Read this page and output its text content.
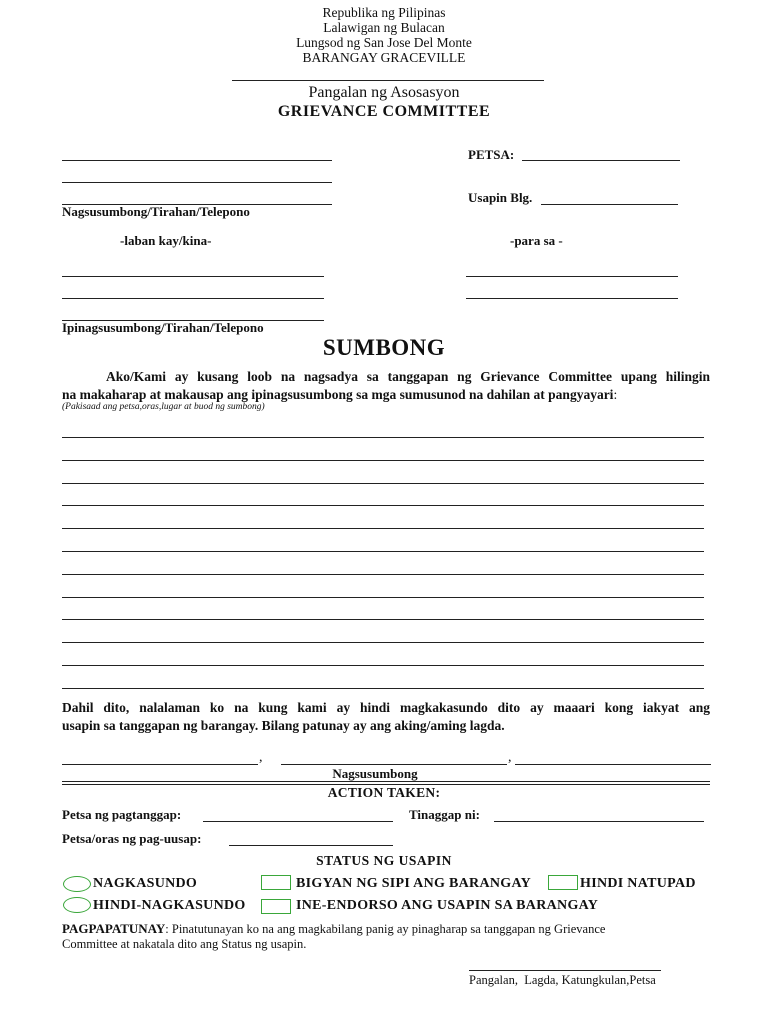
Republika ng Pilipinas
Lalawigan ng Bulacan
Lungsod ng San Jose Del Monte
BARANGAY GRACEVILLE
Pangalan ng Asosasyon
GRIEVANCE COMMITTEE
Nagsusumbong/Tirahan/Telepono
PETSA:
Usapin Blg.
-laban kay/kina-	-para sa -
Ipinagsusumbong/Tirahan/Telepono
SUMBONG
Ako/Kami ay kusang loob na nagsadya sa tanggapan ng Grievance Committee upang hilingin
na makaharap at makausap ang ipinagsusumbong sa mga sumusunod na dahilan at pangyayari:
(Pakisaad ang petsa,oras,lugar at buod ng sumbong)
Dahil dito, nalalaman ko na kung kami ay hindi magkakasundo dito ay maaari kong iakyat ang
usapin sa tanggapan ng barangay. Bilang patunay ay ang aking/aming lagda.
,	,
Nagsusumbong
ACTION TAKEN:
Petsa ng pagtanggap:	Tinaggap ni:
Petsa/oras ng pag-uusap:
STATUS NG USAPIN
NAGKASUNDO	BIGYAN NG SIPI ANG BARANGAY	HINDI NATUPAD
HINDI-NAGKASUNDO	INE-ENDORSO ANG USAPIN SA BARANGAY
PAGPAPATUNAY: Pinatutunayan ko na ang magkabilang panig ay pinagharap sa tanggapan ng Grievance
Committee at nakatala dito ang Status ng usapin.
Pangalan,  Lagda, Katungkulan,Petsa
